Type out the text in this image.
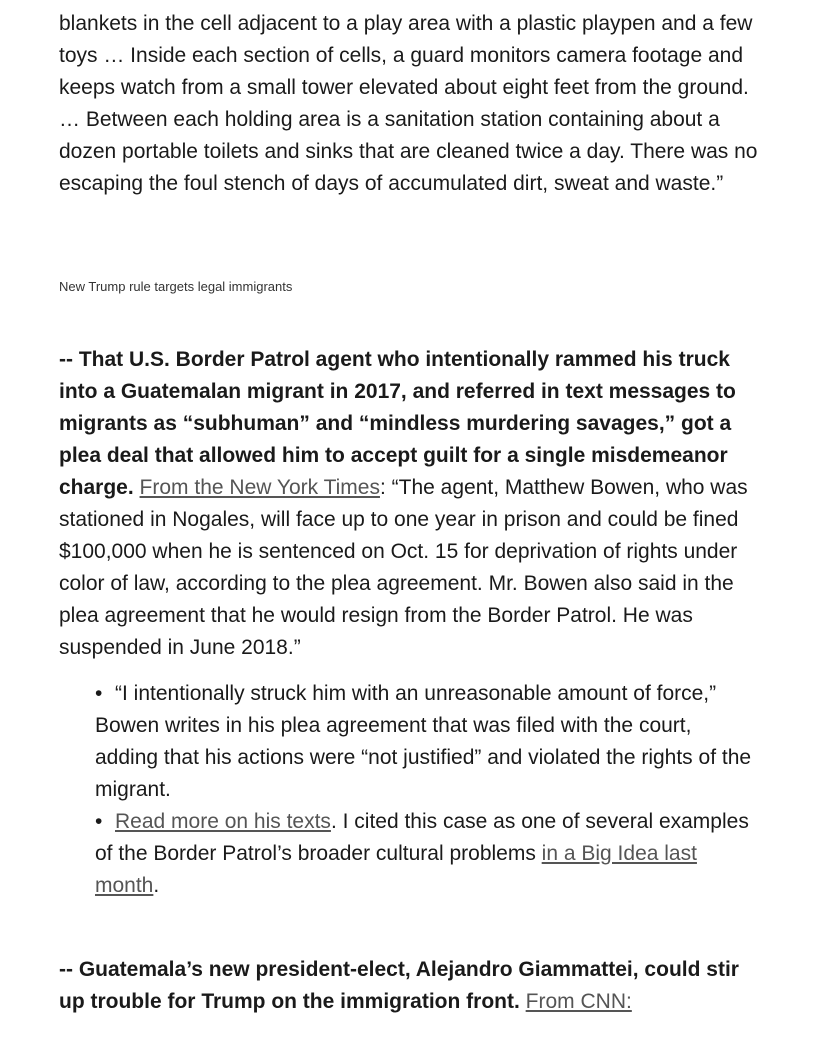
blankets in the cell adjacent to a play area with a plastic playpen and a few toys … Inside each section of cells, a guard monitors camera footage and keeps watch from a small tower elevated about eight feet from the ground. … Between each holding area is a sanitation station containing about a dozen portable toilets and sinks that are cleaned twice a day. There was no escaping the foul stench of days of accumulated dirt, sweat and waste.”

New Trump rule targets legal immigrants

-- That U.S. Border Patrol agent who intentionally rammed his truck into a Guatemalan migrant in 2017, and referred in text messages to migrants as “subhuman” and “mindless murdering savages,” got a plea deal that allowed him to accept guilt for a single misdemeanor charge. From the New York Times: “The agent, Matthew Bowen, who was stationed in Nogales, will face up to one year in prison and could be fined $100,000 when he is sentenced on Oct. 15 for deprivation of rights under color of law, according to the plea agreement. Mr. Bowen also said in the plea agreement that he would resign from the Border Patrol. He was suspended in June 2018.”

• “I intentionally struck him with an unreasonable amount of force,” Bowen writes in his plea agreement that was filed with the court, adding that his actions were “not justified” and violated the rights of the migrant.
• Read more on his texts. I cited this case as one of several examples of the Border Patrol’s broader cultural problems in a Big Idea last month.

-- Guatemala’s new president-elect, Alejandro Giammattei, could stir up trouble for Trump on the immigration front. From CNN:
